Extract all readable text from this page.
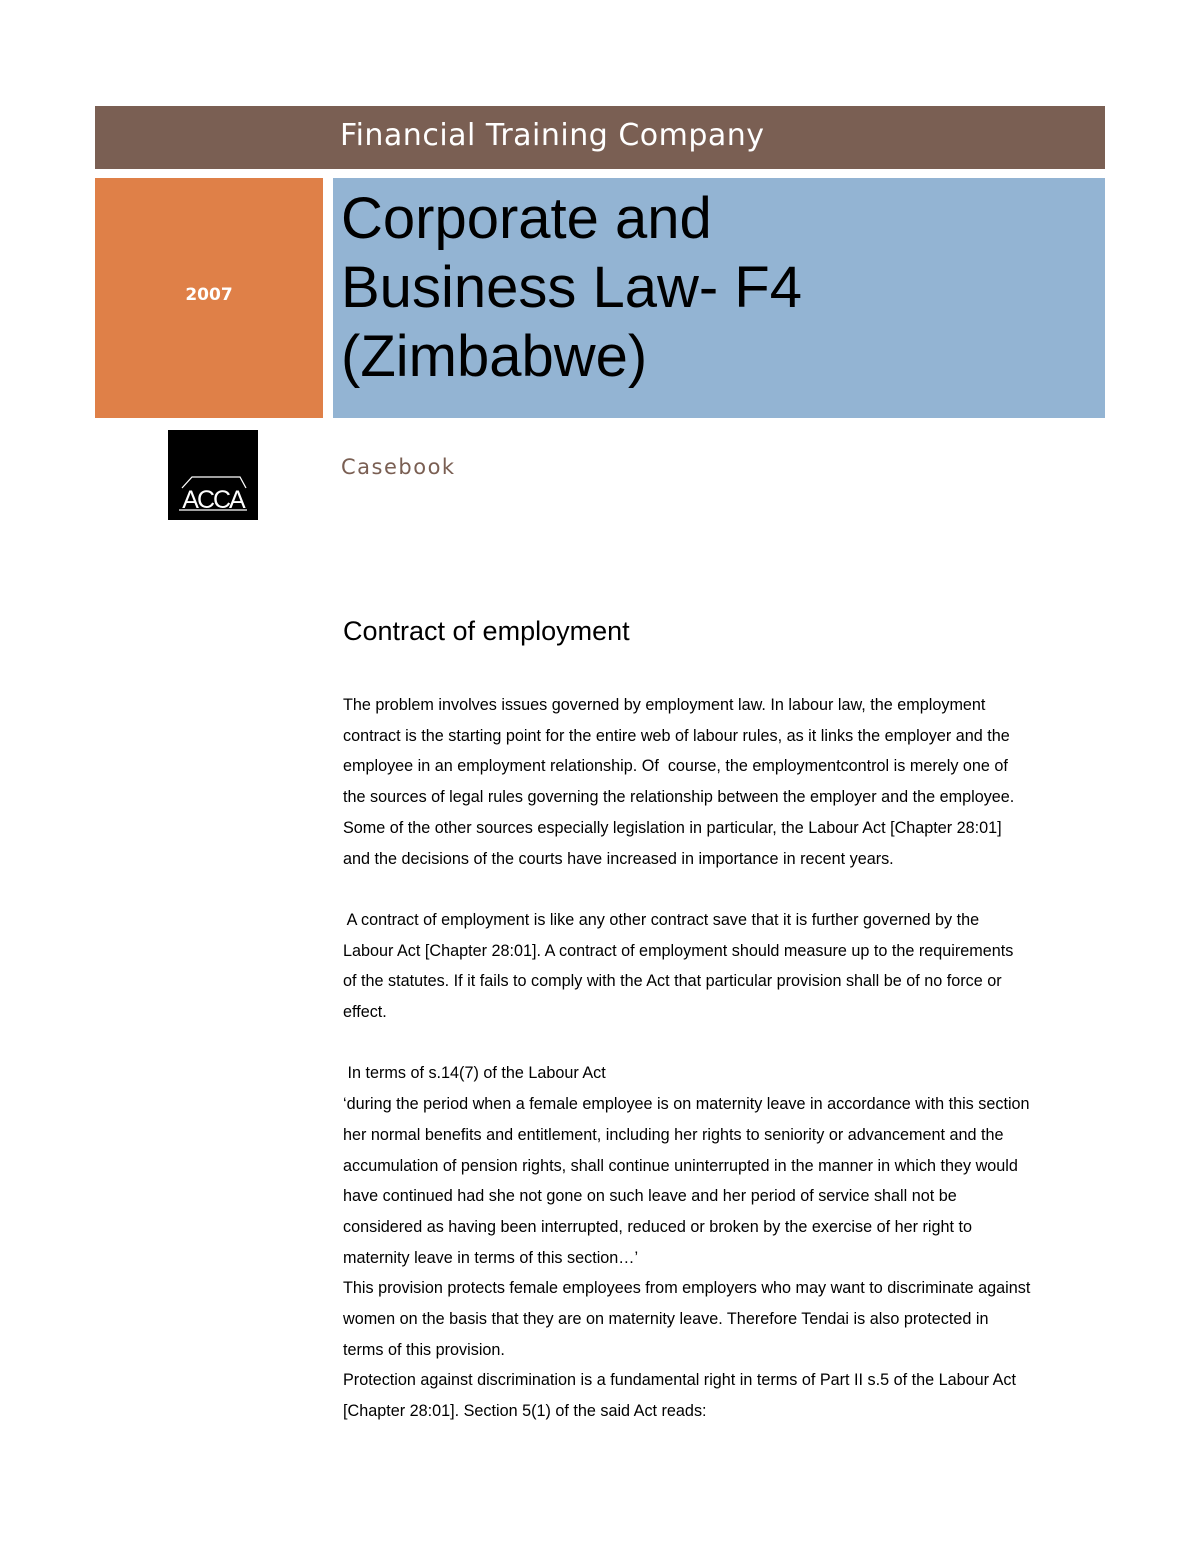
Financial Training Company
2007
Corporate and
Business Law- F4
(Zimbabwe)
ACCA
Casebook
Contract of employment

The problem involves issues governed by employment law. In labour law, the employment

contract is the starting point for the entire web of labour rules, as it links the employer and the

employee in an employment relationship. Of  course, the employmentcontrol is merely one of

the sources of legal rules governing the relationship between the employer and the employee.

Some of the other sources especially legislation in particular, the Labour Act [Chapter 28:01]

and the decisions of the courts have increased in importance in recent years.

A contract of employment is like any other contract save that it is further governed by the

Labour Act [Chapter 28:01]. A contract of employment should measure up to the requirements

of the statutes. If it fails to comply with the Act that particular provision shall be of no force or

effect.

In terms of s.14(7) of the Labour Act

‘during the period when a female employee is on maternity leave in accordance with this section

her normal benefits and entitlement, including her rights to seniority or advancement and the

accumulation of pension rights, shall continue uninterrupted in the manner in which they would

have continued had she not gone on such leave and her period of service shall not be

considered as having been interrupted, reduced or broken by the exercise of her right to

maternity leave in terms of this section…’

This provision protects female employees from employers who may want to discriminate against

women on the basis that they are on maternity leave. Therefore Tendai is also protected in

terms of this provision.

Protection against discrimination is a fundamental right in terms of Part II s.5 of the Labour Act

[Chapter 28:01]. Section 5(1) of the said Act reads:
